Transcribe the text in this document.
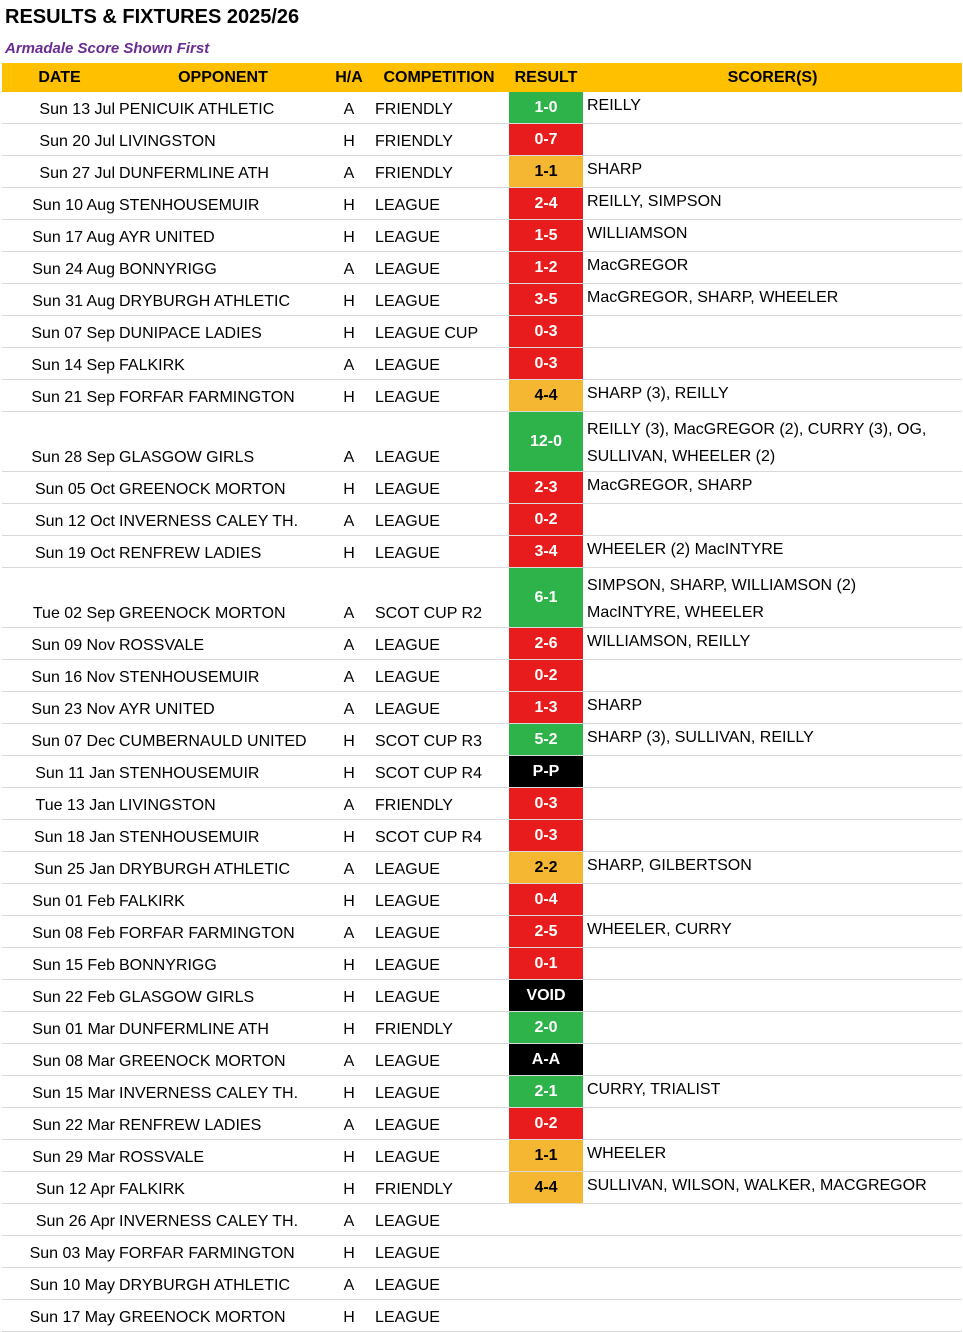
RESULTS & FIXTURES 2025/26
Armadale Score Shown First
DATE	OPPONENT	H/A	COMPETITION	RESULT	SCORER(S)
Sun 13 Jul	PENICUIK ATHLETIC	A	FRIENDLY	1-0	REILLY
Sun 20 Jul	LIVINGSTON	H	FRIENDLY	0-7	
Sun 27 Jul	DUNFERMLINE ATH	A	FRIENDLY	1-1	SHARP
Sun 10 Aug	STENHOUSEMUIR	H	LEAGUE	2-4	REILLY, SIMPSON
Sun 17 Aug	AYR UNITED	H	LEAGUE	1-5	WILLIAMSON
Sun 24 Aug	BONNYRIGG	A	LEAGUE	1-2	MacGREGOR
Sun 31 Aug	DRYBURGH ATHLETIC	H	LEAGUE	3-5	MacGREGOR, SHARP, WHEELER
Sun 07 Sep	DUNIPACE LADIES	H	LEAGUE CUP	0-3	
Sun 14 Sep	FALKIRK	A	LEAGUE	0-3	
Sun 21 Sep	FORFAR FARMINGTON	H	LEAGUE	4-4	SHARP (3), REILLY
Sun 28 Sep	GLASGOW GIRLS	A	LEAGUE	12-0	REILLY (3), MacGREGOR (2), CURRY (3), OG,
SULLIVAN, WHEELER (2)
Sun 05 Oct	GREENOCK MORTON	H	LEAGUE	2-3	MacGREGOR, SHARP
Sun 12 Oct	INVERNESS CALEY TH.	A	LEAGUE	0-2	
Sun 19 Oct	RENFREW LADIES	H	LEAGUE	3-4	WHEELER (2) MacINTYRE
Tue 02 Sep	GREENOCK MORTON	A	SCOT CUP R2	6-1	SIMPSON, SHARP, WILLIAMSON (2)
MacINTYRE, WHEELER
Sun 09 Nov	ROSSVALE	A	LEAGUE	2-6	WILLIAMSON, REILLY
Sun 16 Nov	STENHOUSEMUIR	A	LEAGUE	0-2	
Sun 23 Nov	AYR UNITED	A	LEAGUE	1-3	SHARP
Sun 07 Dec	CUMBERNAULD UNITED	H	SCOT CUP R3	5-2	SHARP (3), SULLIVAN, REILLY
Sun 11 Jan	STENHOUSEMUIR	H	SCOT CUP R4	P-P	
Tue 13 Jan	LIVINGSTON	A	FRIENDLY	0-3	
Sun 18 Jan	STENHOUSEMUIR	H	SCOT CUP R4	0-3	
Sun 25 Jan	DRYBURGH ATHLETIC	A	LEAGUE	2-2	SHARP, GILBERTSON
Sun 01 Feb	FALKIRK	H	LEAGUE	0-4	
Sun 08 Feb	FORFAR FARMINGTON	A	LEAGUE	2-5	WHEELER, CURRY
Sun 15 Feb	BONNYRIGG	H	LEAGUE	0-1	
Sun 22 Feb	GLASGOW GIRLS	H	LEAGUE	VOID	
Sun 01 Mar	DUNFERMLINE ATH	H	FRIENDLY	2-0	
Sun 08 Mar	GREENOCK MORTON	A	LEAGUE	A-A	
Sun 15 Mar	INVERNESS CALEY TH.	H	LEAGUE	2-1	CURRY, TRIALIST
Sun 22 Mar	RENFREW LADIES	A	LEAGUE	0-2	
Sun 29 Mar	ROSSVALE	H	LEAGUE	1-1	WHEELER
Sun 12 Apr	FALKIRK	H	FRIENDLY	4-4	SULLIVAN, WILSON, WALKER, MACGREGOR
Sun 26 Apr	INVERNESS CALEY TH.	A	LEAGUE		
Sun 03 May	FORFAR FARMINGTON	H	LEAGUE		
Sun 10 May	DRYBURGH ATHLETIC	A	LEAGUE		
Sun 17 May	GREENOCK MORTON	H	LEAGUE		
